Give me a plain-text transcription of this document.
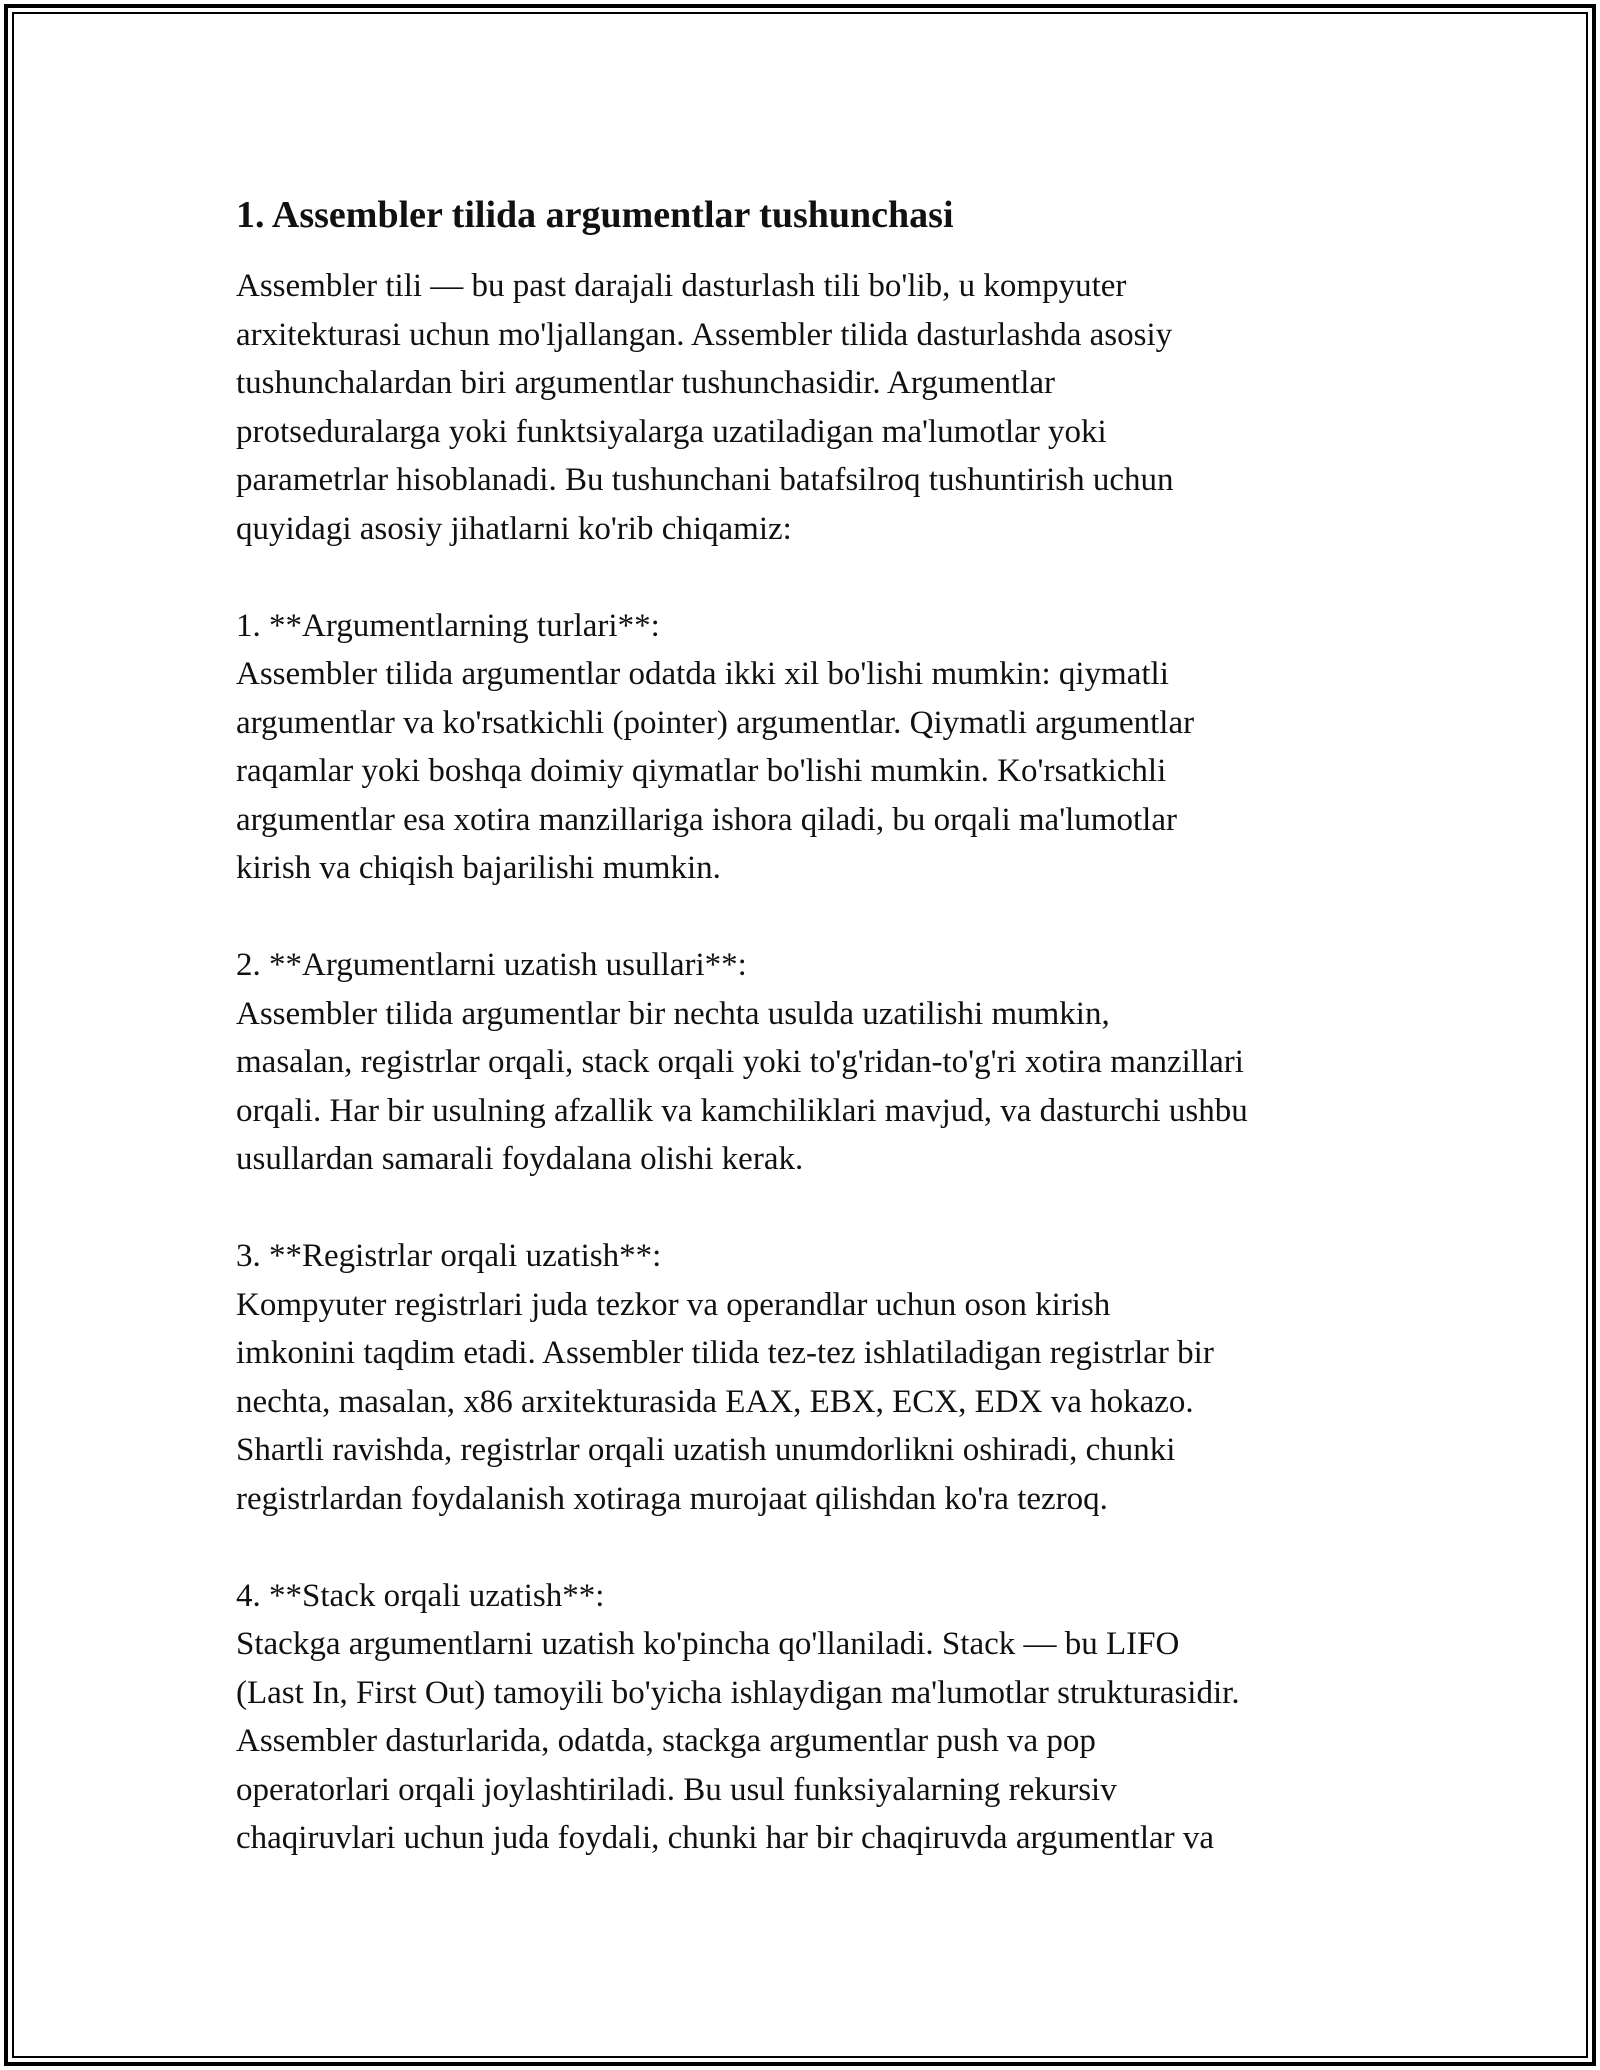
1. Assembler tilida argumentlar tushunchasi

Assembler tili — bu past darajali dasturlash tili bo'lib, u kompyuter
arxitekturasi uchun mo'ljallangan. Assembler tilida dasturlashda asosiy
tushunchalardan biri argumentlar tushunchasidir. Argumentlar
protseduralarga yoki funktsiyalarga uzatiladigan ma'lumotlar yoki
parametrlar hisoblanadi. Bu tushunchani batafsilroq tushuntirish uchun
quyidagi asosiy jihatlarni ko'rib chiqamiz:

1. **Argumentlarning turlari**:

Assembler tilida argumentlar odatda ikki xil bo'lishi mumkin: qiymatli
argumentlar va ko'rsatkichli (pointer) argumentlar. Qiymatli argumentlar
raqamlar yoki boshqa doimiy qiymatlar bo'lishi mumkin. Ko'rsatkichli
argumentlar esa xotira manzillariga ishora qiladi, bu orqali ma'lumotlar
kirish va chiqish bajarilishi mumkin.

2. **Argumentlarni uzatish usullari**:

Assembler tilida argumentlar bir nechta usulda uzatilishi mumkin,
masalan, registrlar orqali, stack orqali yoki to'g'ridan-to'g'ri xotira manzillari
orqali. Har bir usulning afzallik va kamchiliklari mavjud, va dasturchi ushbu
usullardan samarali foydalana olishi kerak.

3. **Registrlar orqali uzatish**:

Kompyuter registrlari juda tezkor va operandlar uchun oson kirish
imkonini taqdim etadi. Assembler tilida tez-tez ishlatiladigan registrlar bir
nechta, masalan, x86 arxitekturasida EAX, EBX, ECX, EDX va hokazo.
Shartli ravishda, registrlar orqali uzatish unumdorlikni oshiradi, chunki
registrlardan foydalanish xotiraga murojaat qilishdan ko'ra tezroq.

4. **Stack orqali uzatish**:

Stackga argumentlarni uzatish ko'pincha qo'llaniladi. Stack — bu LIFO
(Last In, First Out) tamoyili bo'yicha ishlaydigan ma'lumotlar strukturasidir.
Assembler dasturlarida, odatda, stackga argumentlar push va pop
operatorlari orqali joylashtiriladi. Bu usul funksiyalarning rekursiv
chaqiruvlari uchun juda foydali, chunki har bir chaqiruvda argumentlar va
